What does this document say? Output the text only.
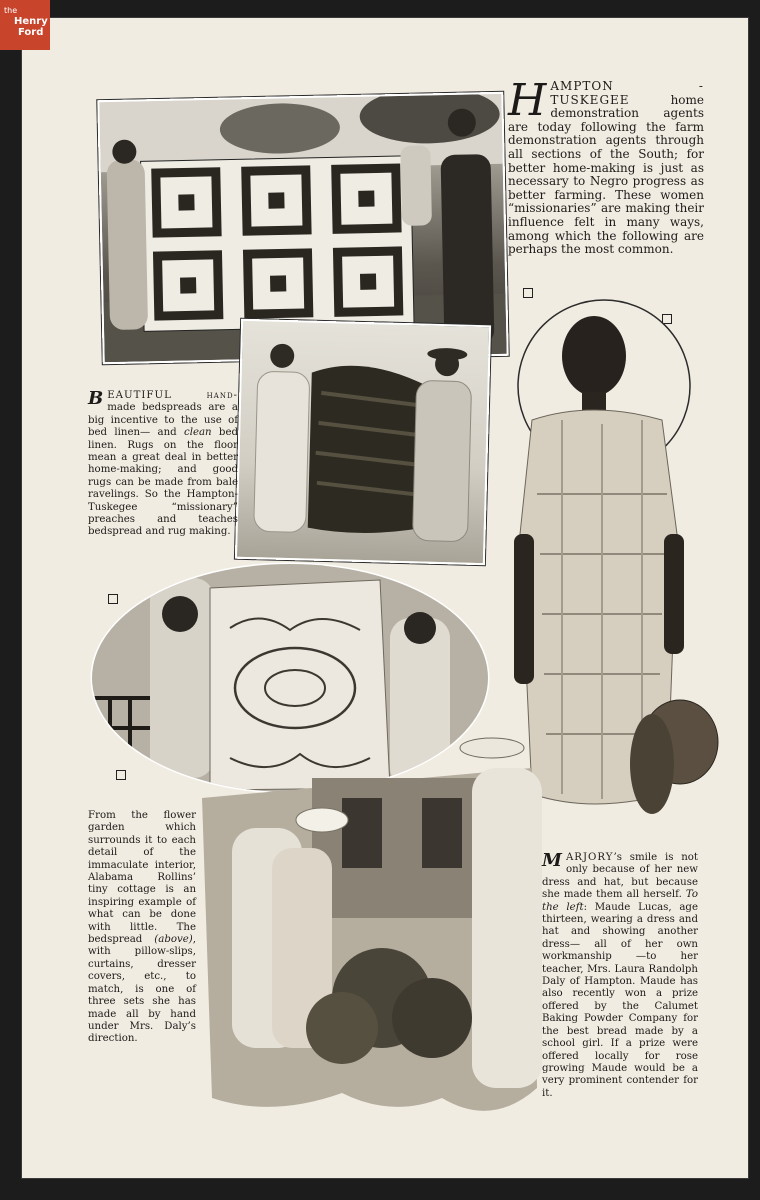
H AMPTON - TUSKEGEE	home demonstration agents are today following the farm demonstration agents through all sections of the South; for better home-making is just as necessary to Negro progress as better farming. These women “missionaries” are making their influence felt in many ways, among which the following are perhaps the most common.
B EAUTIFUL hand- made bedspreads are a big incentive to the use of bed linen— and clean bed linen. Rugs on the floor mean a great deal in better home-making; and good rugs can be made from bale ravelings. So the Hampton-Tuskegee “missionary” preaches and teaches bedspread and rug making.
From the flower garden which surrounds it to each detail of the immaculate interior, Alabama Rollins’ tiny cottage is an inspiring example of what can be done with little. The bedspread (above), with pillow-slips, curtains, dresser covers, etc., to match, is one of three sets she has made all by hand under Mrs. Daly’s direction.
M ARJORY’s smile is not only because of her new dress and hat, but because she made them all herself. To the left: Maude Lucas, age thirteen, wearing a dress and hat and showing another dress— all of her own workmanship —to her teacher, Mrs. Laura Randolph Daly of Hampton. Maude has also recently won a prize offered by the Calumet Baking Powder Company for the best bread made by a school girl. If a prize were offered locally for rose growing Maude would be a very prominent contender for it.
the
Henry
Ford
